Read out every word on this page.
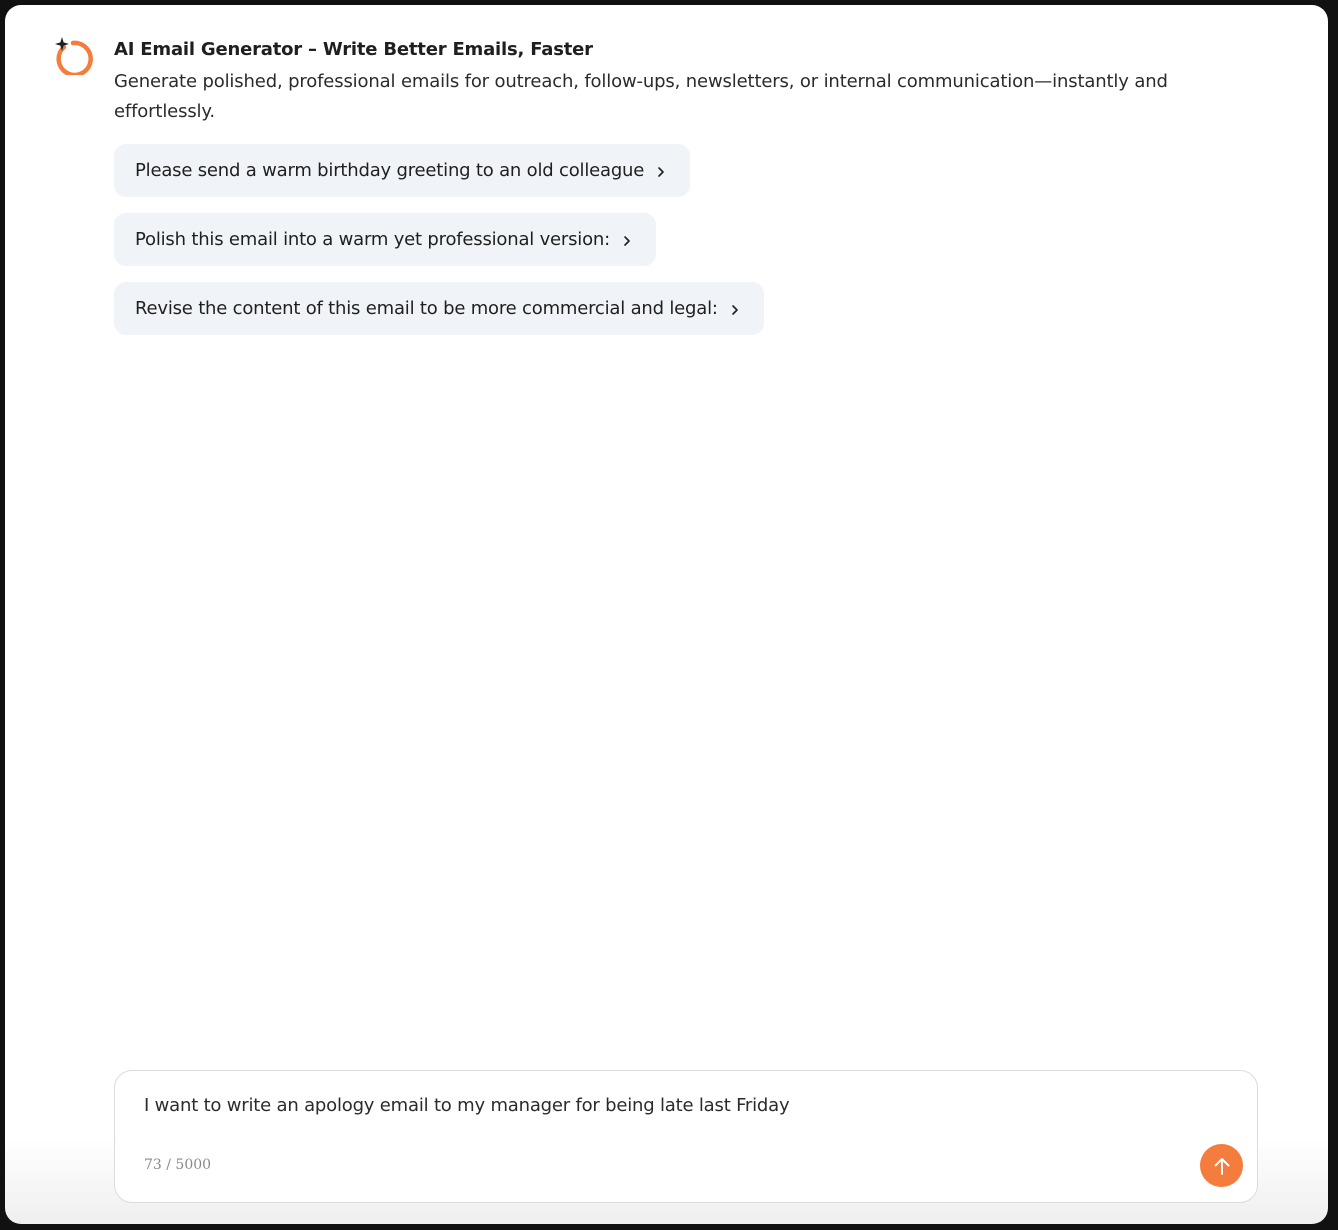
AI Email Generator – Write Better Emails, Faster
Generate polished, professional emails for outreach, follow-ups, newsletters, or internal communication—instantly and effortlessly.
Please send a warm birthday greeting to an old colleague
Polish this email into a warm yet professional version:
Revise the content of this email to be more commercial and legal:
I want to write an apology email to my manager for being late last Friday
73 / 5000
